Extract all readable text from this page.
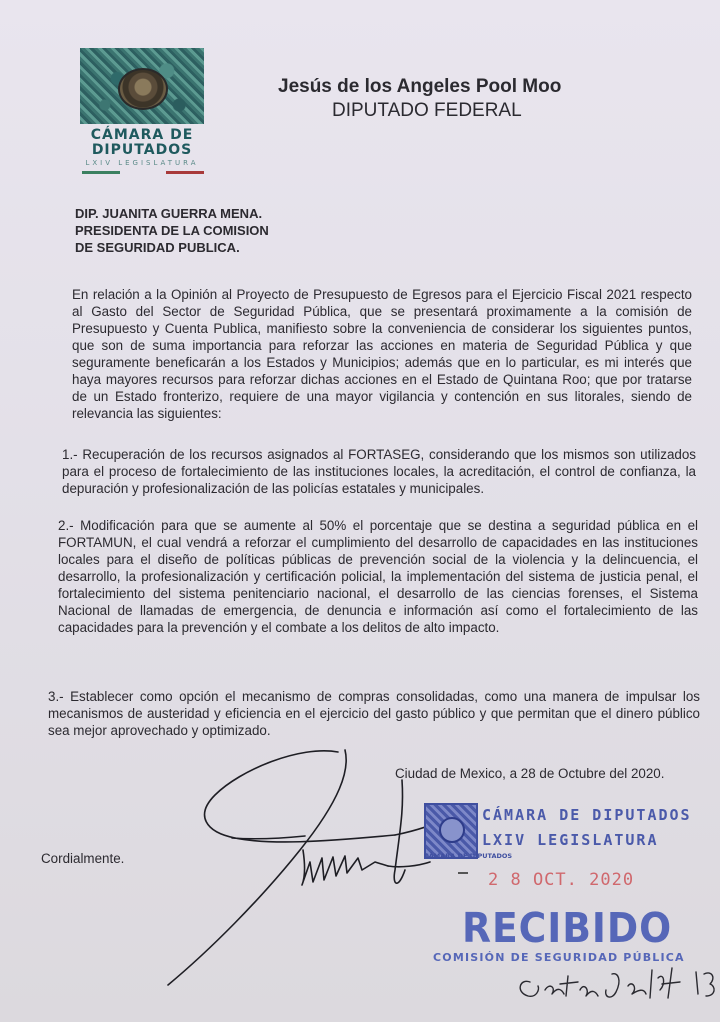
CÁMARA DE
DIPUTADOS
LXIV LEGISLATURA
Jesús de los Angeles Pool Moo
DIPUTADO FEDERAL
DIP. JUANITA GUERRA MENA.
PRESIDENTA DE LA COMISION
DE SEGURIDAD PUBLICA.
En relación a la Opinión al Proyecto de Presupuesto de Egresos para el Ejercicio Fiscal 2021 respecto al Gasto del Sector de Seguridad Pública, que se presentará proximamente a la comisión de Presupuesto y Cuenta Publica, manifiesto sobre la conveniencia de considerar los siguientes puntos, que son de suma importancia para reforzar las acciones en materia de Seguridad Pública y que seguramente beneficarán a los Estados y Municipios; además que en lo particular, es mi interés que haya mayores recursos para reforzar dichas acciones en el Estado de Quintana Roo; que por tratarse de un Estado fronterizo, requiere de una mayor vigilancia y contención en sus litorales, siendo de relevancia las siguientes:
1.- Recuperación de los recursos asignados al FORTASEG, considerando que los mismos son utilizados para el proceso de fortalecimiento de las instituciones locales, la acreditación, el control de confianza, la depuración y profesionalización de las policías estatales y municipales.
2.- Modificación para que se aumente al 50% el porcentaje que se destina a seguridad pública en el FORTAMUN, el cual vendrá a reforzar el cumplimiento del desarrollo de capacidades en las instituciones locales para el diseño de políticas públicas de prevención social de la violencia y la delincuencia, el desarrollo, la profesionalización y certificación policial, la implementación del sistema de justicia penal, el fortalecimiento del sistema penitenciario nacional, el desarrollo de las ciencias forenses, el Sistema Nacional de llamadas de emergencia, de denuncia e información así como el fortalecimiento de las capacidades para la prevención y el combate a los delitos de alto impacto.
3.- Establecer como opción el mecanismo de compras consolidadas, como una manera de impulsar los mecanismos de austeridad y eficiencia en el ejercicio del gasto público y que permitan que el dinero público sea mejor aprovechado y optimizado.
Ciudad de Mexico, a 28 de Octubre del 2020.
Cordialmente.	CÁMARA DE DIPUTADOS
CÁMARA DE DIPUTADOS
LXIV LEGISLATURA
2 8 OCT. 2020
RECIBIDO
COMISIÓN DE SEGURIDAD PÚBLICA
